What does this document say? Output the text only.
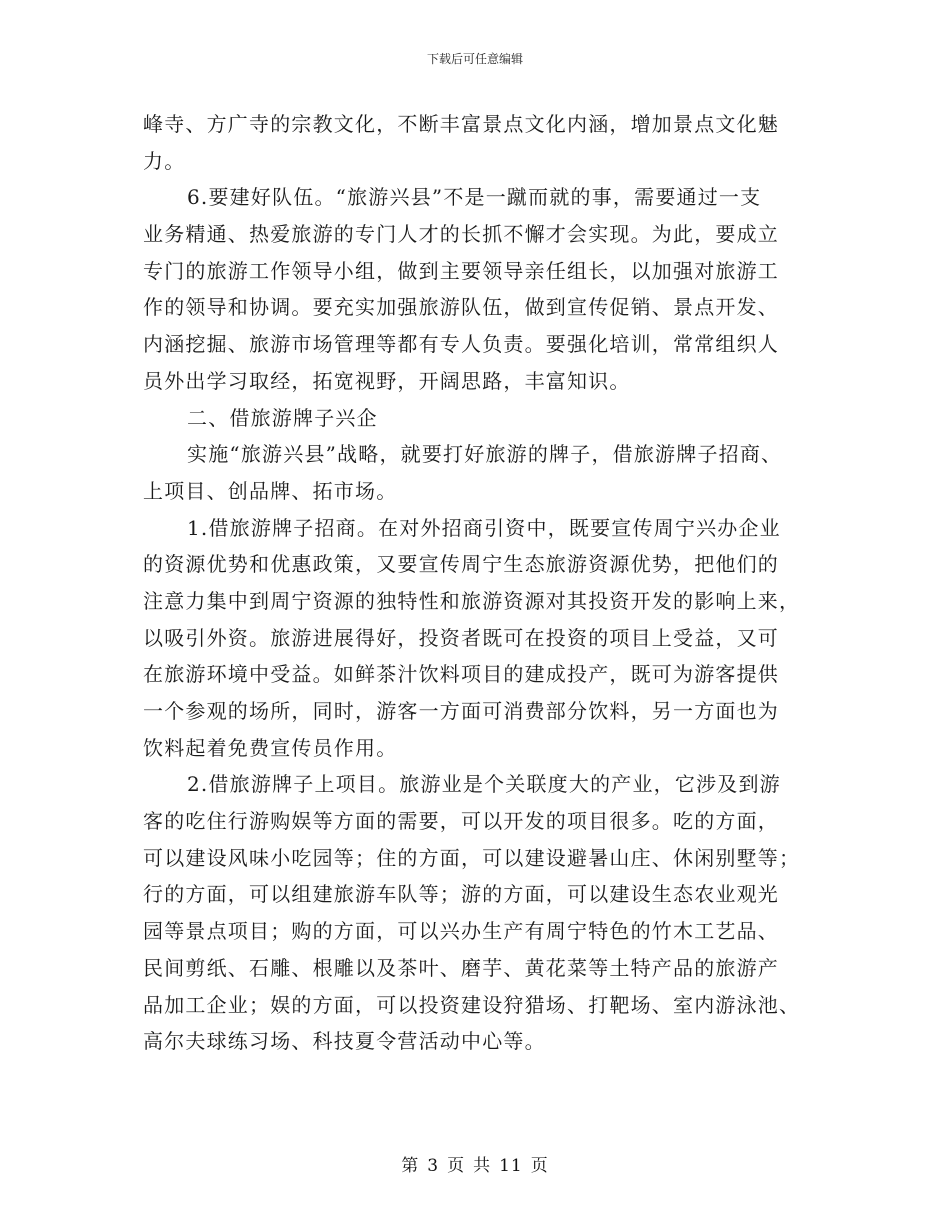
下载后可任意编辑
峰寺、方广寺的宗教文化，不断丰富景点文化内涵，增加景点文化魅
力。
6.要建好队伍。“旅游兴县”不是一蹴而就的事，需要通过一支
业务精通、热爱旅游的专门人才的长抓不懈才会实现。为此，要成立
专门的旅游工作领导小组，做到主要领导亲任组长，以加强对旅游工
作的领导和协调。要充实加强旅游队伍，做到宣传促销、景点开发、
内涵挖掘、旅游市场管理等都有专人负责。要强化培训，常常组织人
员外出学习取经，拓宽视野，开阔思路，丰富知识。
二、借旅游牌子兴企
实施“旅游兴县”战略，就要打好旅游的牌子，借旅游牌子招商、
上项目、创品牌、拓市场。
1.借旅游牌子招商。在对外招商引资中，既要宣传周宁兴办企业
的资源优势和优惠政策，又要宣传周宁生态旅游资源优势，把他们的
注意力集中到周宁资源的独特性和旅游资源对其投资开发的影响上来，
以吸引外资。旅游进展得好，投资者既可在投资的项目上受益，又可
在旅游环境中受益。如鲜茶汁饮料项目的建成投产，既可为游客提供
一个参观的场所，同时，游客一方面可消费部分饮料，另一方面也为
饮料起着免费宣传员作用。
2.借旅游牌子上项目。旅游业是个关联度大的产业，它涉及到游
客的吃住行游购娱等方面的需要，可以开发的项目很多。吃的方面，
可以建设风味小吃园等；住的方面，可以建设避暑山庄、休闲别墅等；
行的方面，可以组建旅游车队等；游的方面，可以建设生态农业观光
园等景点项目；购的方面，可以兴办生产有周宁特色的竹木工艺品、
民间剪纸、石雕、根雕以及茶叶、磨芋、黄花菜等土特产品的旅游产
品加工企业；娱的方面，可以投资建设狩猎场、打靶场、室内游泳池、
高尔夫球练习场、科技夏令营活动中心等。
第 3 页 共 11 页
